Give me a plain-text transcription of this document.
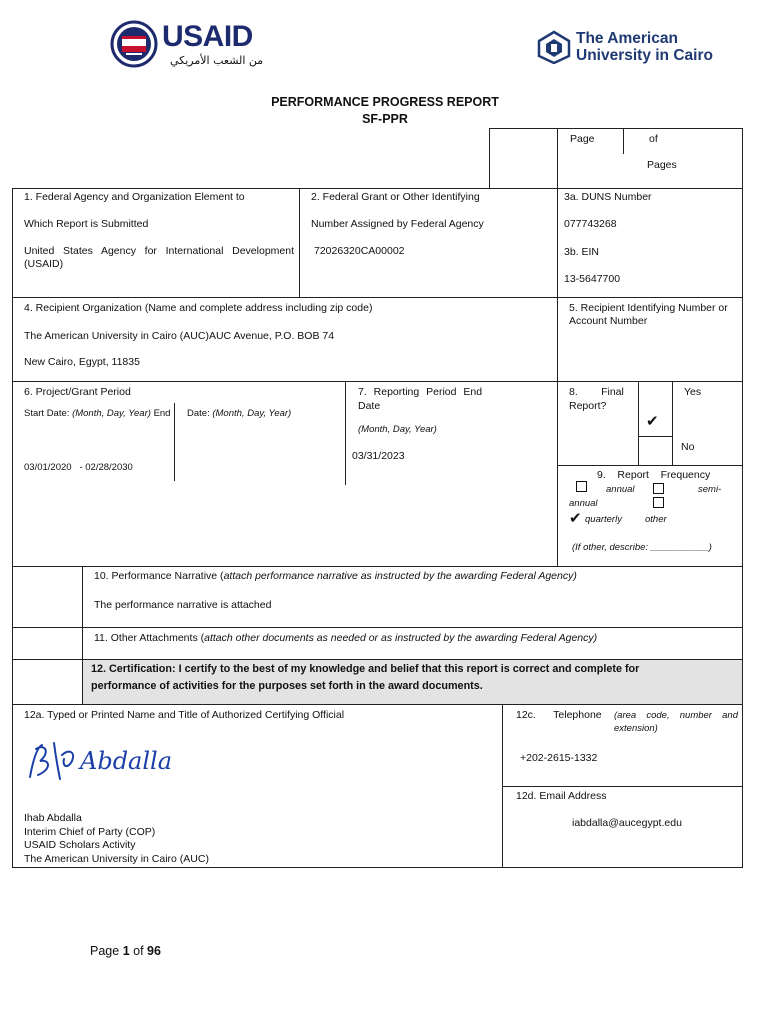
USAID
من الشعب الأمريكي
The American
University in Cairo
PERFORMANCE PROGRESS REPORT
SF-PPR
Page	of
Pages
1. Federal Agency and Organization Element to
Which Report is Submitted
United States Agency for International Development (USAID)
2. Federal Grant or Other Identifying
Number Assigned by Federal Agency
72026320CA00002
3a. DUNS Number
077743268
3b. EIN
13-5647700
4. Recipient Organization (Name and complete address including zip code)
The American University in Cairo (AUC)AUC Avenue, P.O. BOB 74
New Cairo, Egypt, 11835
5. Recipient Identifying Number or Account Number
6. Project/Grant Period
Start Date: (Month, Day, Year) End Date: (Month, Day, Year)
03/01/2020   - 02/28/2030
7. Reporting Period End
Date
(Month, Day, Year)
03/31/2023
8.        Final
Report?
Yes
✔
No
9.    Report    Frequency
annual	semi-
annual
✔ quarterly other
(If other, describe: ___________)
10. Performance Narrative (attach performance narrative as instructed by the awarding Federal Agency)
The performance narrative is attached
11. Other Attachments (attach other documents as needed or as instructed by the awarding Federal Agency)
12. Certification: I certify to the best of my knowledge and belief that this report is correct and complete for
performance of activities for the purposes set forth in the award documents.
12a. Typed or Printed Name and Title of Authorized Certifying Official
Abdalla
Ihab Abdalla
Interim Chief of Party (COP)
USAID Scholars Activity
The American University in Cairo (AUC)
12c.      Telephone (area code, number and extension)
+202-2615-1332
12d. Email Address
iabdalla@aucegypt.edu
Page 1 of 96
